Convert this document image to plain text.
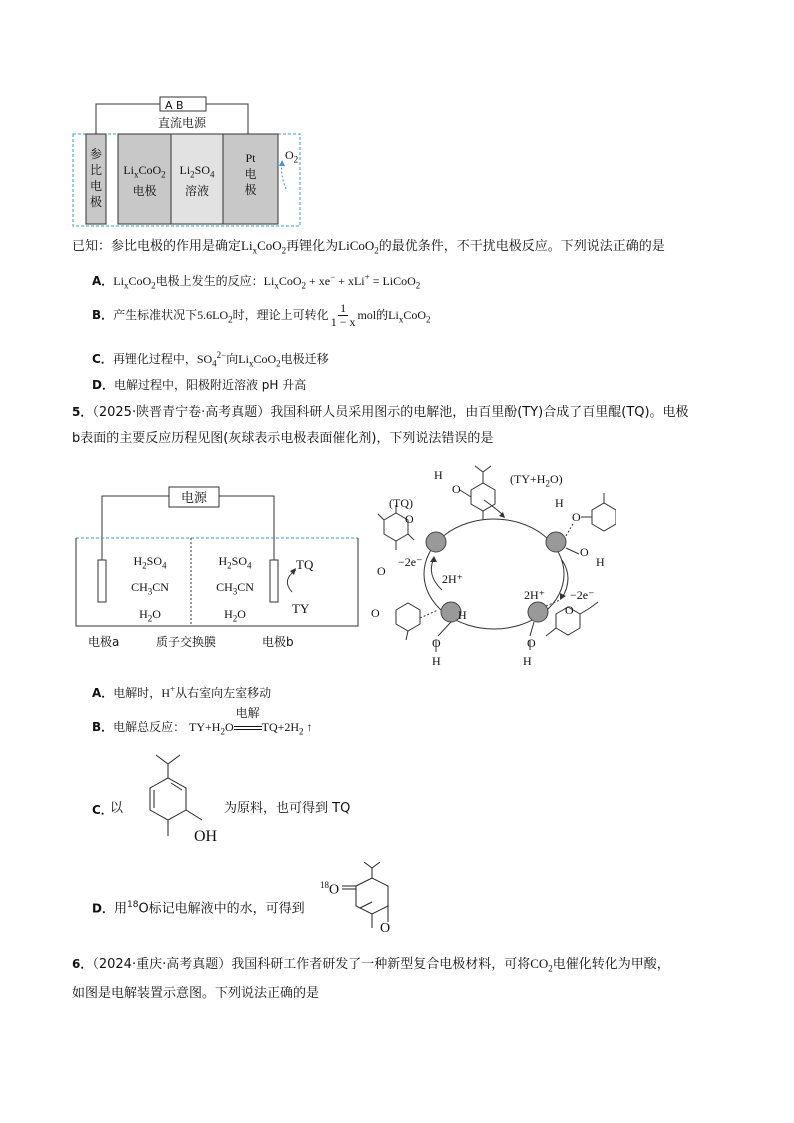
A B
直流电源
参
比
电
极
$Li_xCoO_2$
电极
$Li_2SO_4$
溶液
Pt
电
极
$O_2$
已知：参比电极的作用是确定$Li_xCoO_2$再锂化为LiCoO$_2$的最优条件，不干扰电极反应。下列说法正确的是
A．$Li_xCoO_2$电极上发生的反应：$Li_xCoO_2 + xe^- + xLi^+$ = LiCoO$_2$
B．产生标准状况下$5.6LO_2$时，理论上可转化 $\frac{1}{1 - x}$ mol的$Li_xCoO_2$
C．再锂化过程中，$SO_4^{2-}$向$Li_xCoO_2$电极迁移
D．电解过程中，阳极附近溶液 pH 升高
5．（2025·陕晋青宁卷·高考真题）我国科研人员采用图示的电解池，由百里酚(TY)合成了百里醌(TQ)。电极
b表面的主要反应历程见图(灰球表示电极表面催化剂)，下列说法错误的是
电源
$H_2SO_4$
$CH_3CN$
$H_2O$
$H_2SO_4$
$CH_3CN$
$H_2O$
TQ
TY
电极a	质子交换膜	电极b
H
O
$(TY+H_2O)$
(TQ)
O
O
H
O
O
H
−2e⁻
2H⁺
2H⁺ −2e⁻
O	H
O
H
O
O
H
A．电解时，H+从右室向左室移动
B．电解总反应： $TY+H_2O$
电解
$TQ+2H_2$ ↑
OH
C．
以	为原料，也可得到 TQ
D．用$^{18}$O标记电解液中的水，可得到
$^{18}$O
O
6．（2024·重庆·高考真题）我国科研工作者研发了一种新型复合电极材料，可将$CO_2$电催化转化为甲酸，
如图是电解装置示意图。下列说法正确的是
